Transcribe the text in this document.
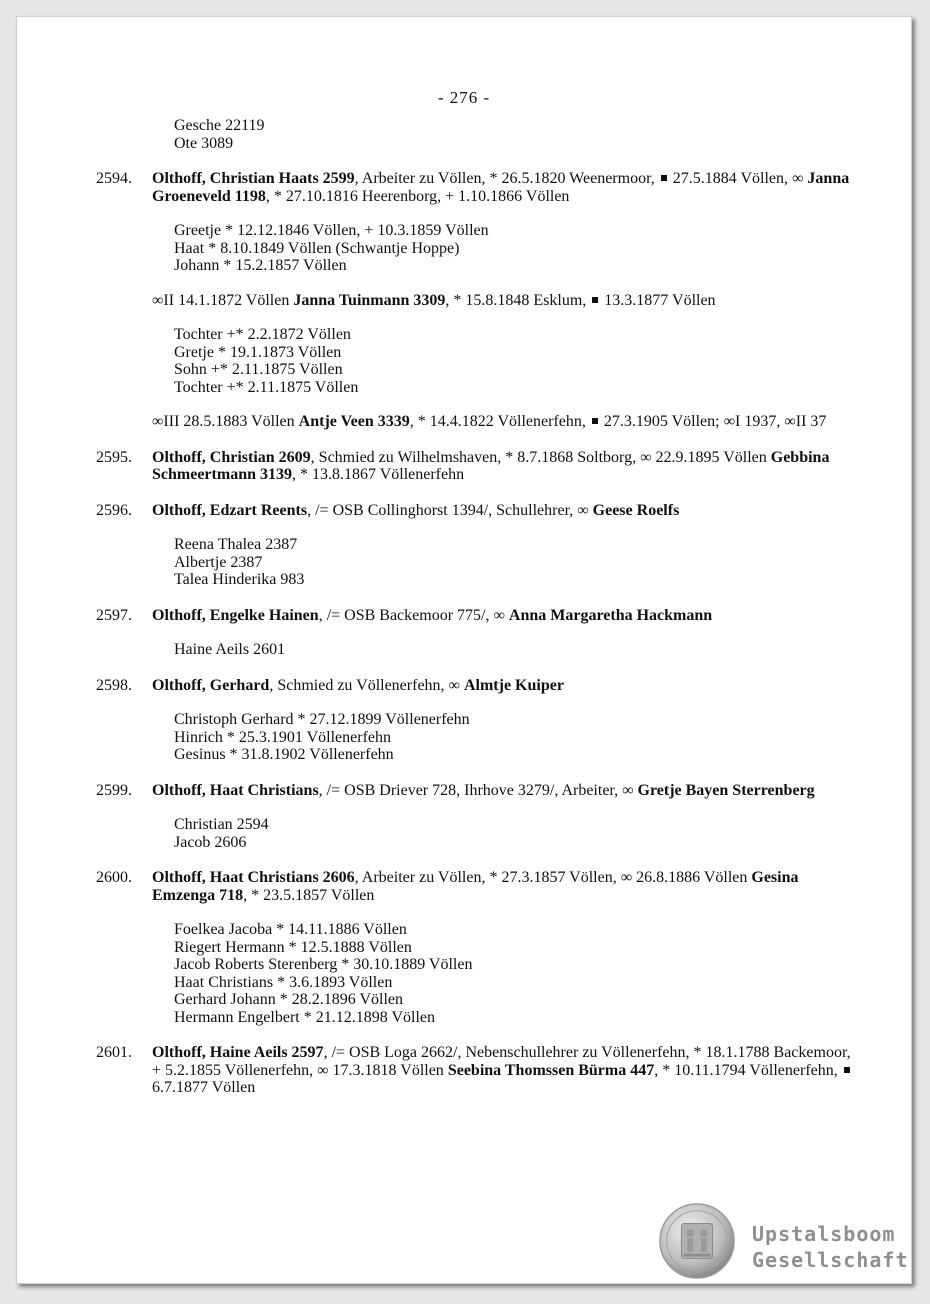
- 276 -
Gesche 22119
Ote 3089
2594. Olthoff, Christian Haats 2599, Arbeiter zu Völlen, * 26.5.1820 Weenermoor,  27.5.1884 Völlen, ∞ Janna Groeneveld 1198, * 27.10.1816 Heerenborg, + 1.10.1866 Völlen
Greetje * 12.12.1846 Völlen, + 10.3.1859 Völlen
Haat * 8.10.1849 Völlen (Schwantje Hoppe)
Johann * 15.2.1857 Völlen
∞II 14.1.1872 Völlen Janna Tuinmann 3309, * 15.8.1848 Esklum,  13.3.1877 Völlen
Tochter +* 2.2.1872 Völlen
Gretje * 19.1.1873 Völlen
Sohn +* 2.11.1875 Völlen
Tochter +* 2.11.1875 Völlen
∞III 28.5.1883 Völlen Antje Veen 3339, * 14.4.1822 Völlenerfehn,  27.3.1905 Völlen; ∞I 1937, ∞II 37
2595. Olthoff, Christian 2609, Schmied zu Wilhelmshaven, * 8.7.1868 Soltborg, ∞ 22.9.1895 Völlen Gebbina Schmeertmann 3139, * 13.8.1867 Völlenerfehn
2596. Olthoff, Edzart Reents, /= OSB Collinghorst 1394/, Schullehrer, ∞ Geese Roelfs
Reena Thalea 2387
Albertje 2387
Talea Hinderika 983
2597. Olthoff, Engelke Hainen, /= OSB Backemoor 775/, ∞ Anna Margaretha Hackmann
Haine Aeils 2601
2598. Olthoff, Gerhard, Schmied zu Völlenerfehn, ∞ Almtje Kuiper
Christoph Gerhard * 27.12.1899 Völlenerfehn
Hinrich * 25.3.1901 Völlenerfehn
Gesinus * 31.8.1902 Völlenerfehn
2599. Olthoff, Haat Christians, /= OSB Driever 728, Ihrhove 3279/, Arbeiter, ∞ Gretje Bayen Sterrenberg
Christian 2594
Jacob 2606
2600. Olthoff, Haat Christians 2606, Arbeiter zu Völlen, * 27.3.1857 Völlen, ∞ 26.8.1886 Völlen Gesina Emzenga 718, * 23.5.1857 Völlen
Foelkea Jacoba * 14.11.1886 Völlen
Riegert Hermann * 12.5.1888 Völlen
Jacob Roberts Sterenberg * 30.10.1889 Völlen
Haat Christians * 3.6.1893 Völlen
Gerhard Johann * 28.2.1896 Völlen
Hermann Engelbert * 21.12.1898 Völlen
2601. Olthoff, Haine Aeils 2597, /= OSB Loga 2662/, Nebenschullehrer zu Völlenerfehn, * 18.1.1788 Backemoor, + 5.2.1855 Völlenerfehn, ∞ 17.3.1818 Völlen Seebina Thomssen Bürma 447, * 10.11.1794 Völlenerfehn,  6.7.1877 Völlen
Upstalsboom
Gesellschaft
